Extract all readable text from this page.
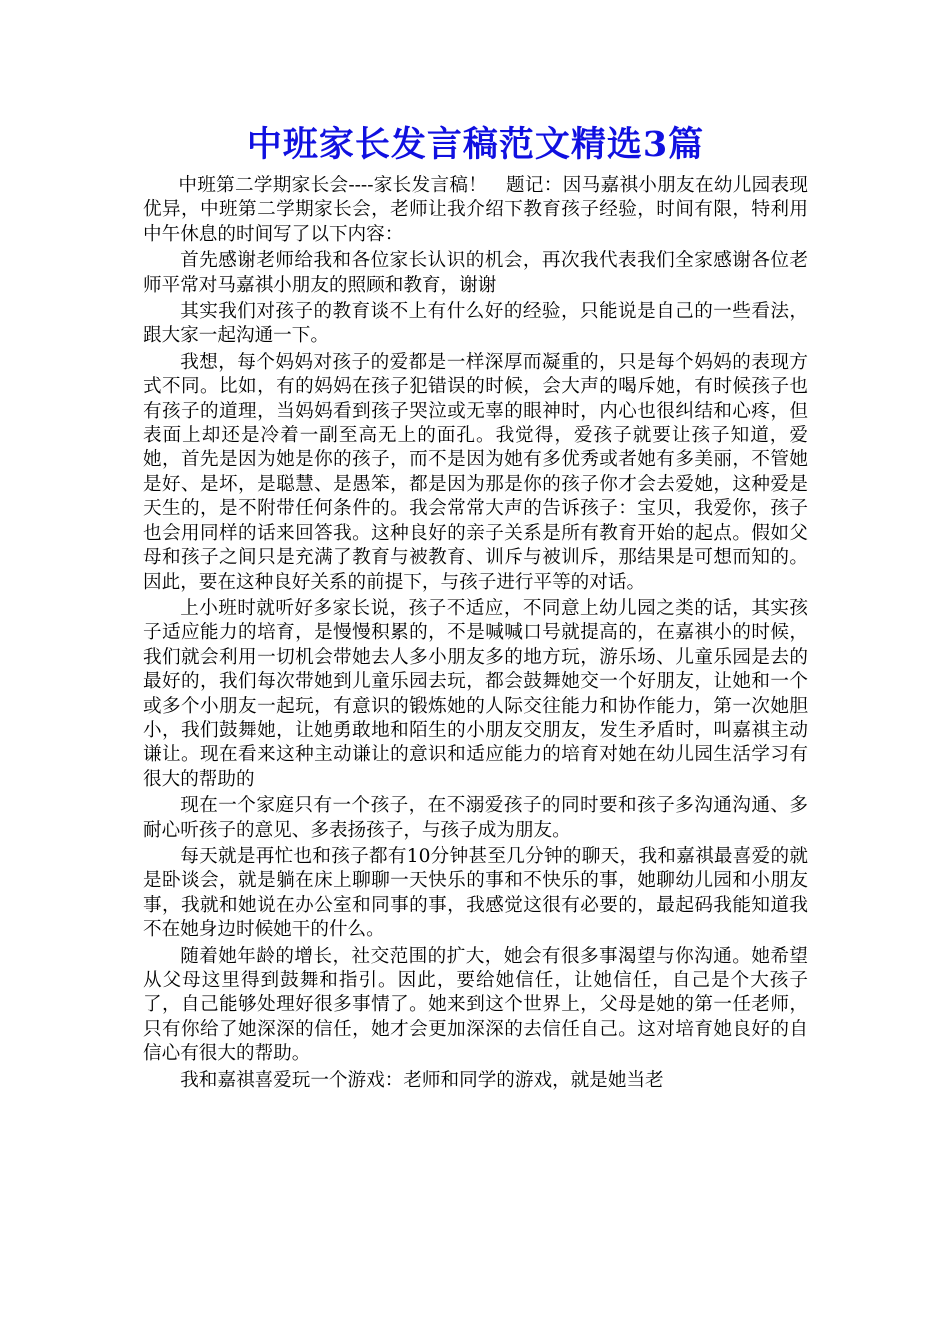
中班家长发言稿范文精选3篇

中班第二学期家长会----家长发言稿！　题记：因马嘉祺小朋友在幼儿园表现优异，中班第二学期家长会，老师让我介绍下教育孩子经验，时间有限，特利用中午休息的时间写了以下内容：

首先感谢老师给我和各位家长认识的机会，再次我代表我们全家感谢各位老师平常对马嘉祺小朋友的照顾和教育，谢谢

其实我们对孩子的教育谈不上有什么好的经验，只能说是自己的一些看法，跟大家一起沟通一下。

我想，每个妈妈对孩子的爱都是一样深厚而凝重的，只是每个妈妈的表现方式不同。比如，有的妈妈在孩子犯错误的时候，会大声的喝斥她，有时候孩子也有孩子的道理，当妈妈看到孩子哭泣或无辜的眼神时，内心也很纠结和心疼，但表面上却还是冷着一副至高无上的面孔。我觉得，爱孩子就要让孩子知道，爱她，首先是因为她是你的孩子，而不是因为她有多优秀或者她有多美丽，不管她是好、是坏，是聪慧、是愚笨，都是因为那是你的孩子你才会去爱她，这种爱是天生的，是不附带任何条件的。我会常常大声的告诉孩子：宝贝，我爱你，孩子也会用同样的话来回答我。这种良好的亲子关系是所有教育开始的起点。假如父母和孩子之间只是充满了教育与被教育、训斥与被训斥，那结果是可想而知的。因此，要在这种良好关系的前提下，与孩子进行平等的对话。

上小班时就听好多家长说，孩子不适应，不同意上幼儿园之类的话，其实孩子适应能力的培育，是慢慢积累的，不是喊喊口号就提高的，在嘉祺小的时候，我们就会利用一切机会带她去人多小朋友多的地方玩，游乐场、儿童乐园是去的最好的，我们每次带她到儿童乐园去玩，都会鼓舞她交一个好朋友，让她和一个或多个小朋友一起玩，有意识的锻炼她的人际交往能力和协作能力，第一次她胆小，我们鼓舞她，让她勇敢地和陌生的小朋友交朋友，发生矛盾时，叫嘉祺主动谦让。现在看来这种主动谦让的意识和适应能力的培育对她在幼儿园生活学习有很大的帮助的

现在一个家庭只有一个孩子，在不溺爱孩子的同时要和孩子多沟通沟通、多耐心听孩子的意见、多表扬孩子，与孩子成为朋友。

每天就是再忙也和孩子都有10分钟甚至几分钟的聊天，我和嘉祺最喜爱的就是卧谈会，就是躺在床上聊聊一天快乐的事和不快乐的事，她聊幼儿园和小朋友事，我就和她说在办公室和同事的事，我感觉这很有必要的，最起码我能知道我不在她身边时候她干的什么。

随着她年龄的增长，社交范围的扩大，她会有很多事渴望与你沟通。她希望从父母这里得到鼓舞和指引。因此，要给她信任，让她信任，自己是个大孩子了，自己能够处理好很多事情了。她来到这个世界上，父母是她的第一任老师，只有你给了她深深的信任，她才会更加深深的去信任自己。这对培育她良好的自信心有很大的帮助。

我和嘉祺喜爱玩一个游戏：老师和同学的游戏，就是她当老
